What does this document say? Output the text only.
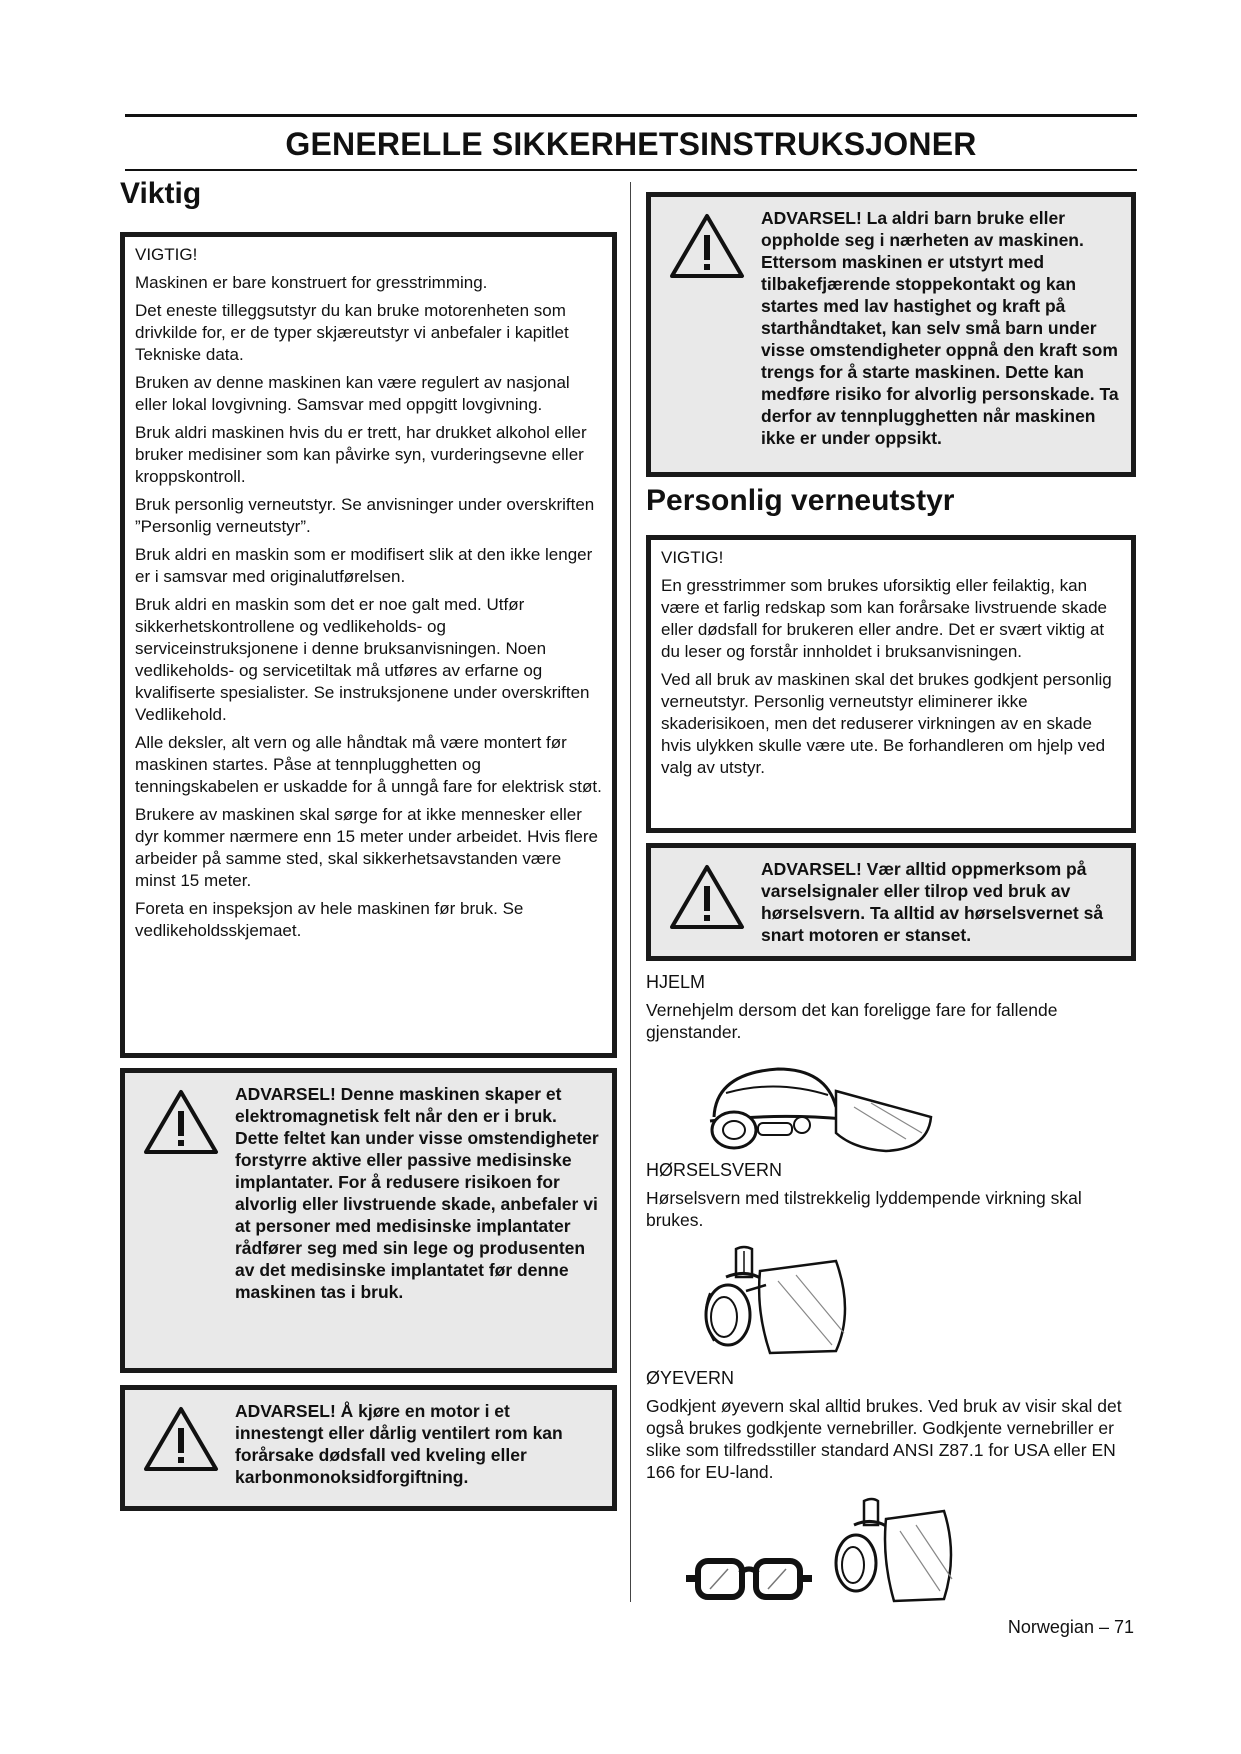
GENERELLE SIKKERHETSINSTRUKSJONER
Viktig

VIGTIG!

Maskinen er bare konstruert for gresstrimming.

Det eneste tilleggsutstyr du kan bruke motorenheten som drivkilde for, er de typer skjæreutstyr vi anbefaler i kapitlet Tekniske data.

Bruken av denne maskinen kan være regulert av nasjonal eller lokal lovgivning. Samsvar med oppgitt lovgivning.

Bruk aldri maskinen hvis du er trett, har drukket alkohol eller bruker medisiner som kan påvirke syn, vurderingsevne eller kroppskontroll.

Bruk personlig verneutstyr. Se anvisninger under overskriften ”Personlig verneutstyr”.

Bruk aldri en maskin som er modifisert slik at den ikke lenger er i samsvar med originalutførelsen.

Bruk aldri en maskin som det er noe galt med. Utfør sikkerhetskontrollene og vedlikeholds- og serviceinstruksjonene i denne bruksanvisningen. Noen vedlikeholds- og servicetiltak må utføres av erfarne og kvalifiserte spesialister. Se instruksjonene under overskriften Vedlikehold.

Alle deksler, alt vern og alle håndtak må være montert før maskinen startes. Påse at tennplugghetten og tenningskabelen er uskadde for å unngå fare for elektrisk støt.

Brukere av maskinen skal sørge for at ikke mennesker eller dyr kommer nærmere enn 15 meter under arbeidet. Hvis flere arbeider på samme sted, skal sikkerhetsavstanden være minst 15 meter.

Foreta en inspeksjon av hele maskinen før bruk. Se vedlikeholdsskjemaet.

ADVARSEL! Denne maskinen skaper et elektromagnetisk felt når den er i bruk. Dette feltet kan under visse omstendigheter forstyrre aktive eller passive medisinske implantater. For å redusere risikoen for alvorlig eller livstruende skade, anbefaler vi at personer med medisinske implantater rådfører seg med sin lege og produsenten av det medisinske implantatet før denne maskinen tas i bruk.
ADVARSEL! Å kjøre en motor i et innestengt eller dårlig ventilert rom kan forårsake dødsfall ved kveling eller karbonmonoksidforgiftning.
ADVARSEL! La aldri barn bruke eller oppholde seg i nærheten av maskinen. Ettersom maskinen er utstyrt med tilbakefjærende stoppekontakt og kan startes med lav hastighet og kraft på starthåndtaket, kan selv små barn under visse omstendigheter oppnå den kraft som trengs for å starte maskinen. Dette kan medføre risiko for alvorlig personskade. Ta derfor av tennplugghetten når maskinen ikke er under oppsikt.
Personlig verneutstyr

VIGTIG!

En gresstrimmer som brukes uforsiktig eller feilaktig, kan være et farlig redskap som kan forårsake livstruende skade eller dødsfall for brukeren eller andre. Det er svært viktig at du leser og forstår innholdet i bruksanvisningen.

Ved all bruk av maskinen skal det brukes godkjent personlig verneutstyr. Personlig verneutstyr eliminerer ikke skaderisikoen, men det reduserer virkningen av en skade hvis ulykken skulle være ute. Be forhandleren om hjelp ved valg av utstyr.

ADVARSEL! Vær alltid oppmerksom på varselsignaler eller tilrop ved bruk av hørselsvern. Ta alltid av hørselsvernet så snart motoren er stanset.

HJELM

Vernehjelm dersom det kan foreligge fare for fallende gjenstander.

HØRSELSVERN

Hørselsvern med tilstrekkelig lyddempende virkning skal brukes.

ØYEVERN

Godkjent øyevern skal alltid brukes. Ved bruk av visir skal det også brukes godkjente vernebriller. Godkjente vernebriller er slike som tilfredsstiller standard ANSI Z87.1 for USA eller EN 166 for EU-land.

Norwegian – 71
